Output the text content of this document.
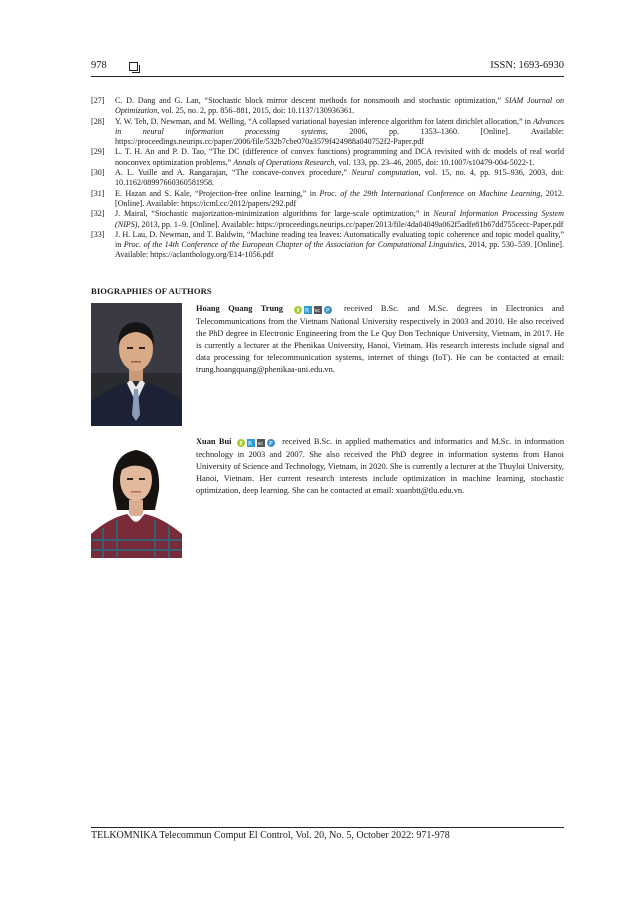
978	ISSN: 1693-6930
[27] C. D. Dang and G. Lan, “Stochastic block mirror descent methods for nonsmooth and stochastic optimization,” SIAM Journal on Optimization, vol. 25, no. 2, pp. 856–881, 2015, doi: 10.1137/130936361.
[28] Y. W. Teh, D. Newman, and M. Welling, “A collapsed variational bayesian inference algorithm for latent dirichlet allocation,” in Advances in neural information processing systems, 2006, pp. 1353–1360. [Online]. Available: https://proceedings.neurips.cc/paper/2006/file/532b7cbe070a3579f424988a040752f2-Paper.pdf
[29] L. T. H. An and P. D. Tao, “The DC (difference of convex functions) programming and DCA revisited with dc models of real world nonconvex optimization problems,” Annals of Operations Research, vol. 133, pp. 23–46, 2005, doi: 10.1007/s10479-004-5022-1.
[30] A. L. Yuille and A. Rangarajan, “The concave-convex procedure,” Neural computation, vol. 15, no. 4, pp. 915–936, 2003, doi: 10.1162/08997660360581958.
[31] E. Hazan and S. Kale, “Projection-free online learning,” in Proc. of the 29th International Conference on Machine Learning, 2012. [Online]. Available: https://icml.cc/2012/papers/292.pdf
[32] J. Mairal, “Stochastic majorization-minimization algorithms for large-scale optimization,” in Neural Information Processing System (NIPS), 2013, pp. 1–9. [Online]. Available: https://proceedings.neurips.cc/paper/2013/file/4da04049a062f5adfe81b67dd755cecc-Paper.pdf
[33] J. H. Lau, D. Newman, and T. Baldwin, “Machine reading tea leaves: Automatically evaluating topic coherence and topic model quality,” in Proc. of the 14th Conference of the European Chapter of the Association for Computational Linguistics, 2014, pp. 530–539. [Online]. Available: https://aclanthology.org/E14-1056.pdf
BIOGRAPHIES OF AUTHORS
Hoang Quang Trung	R sc P received B.Sc. and M.Sc. degrees in Electronics and Telecommunications from the Vietnam National University respectively in 2003 and 2010. He also received the PhD degree in Electronic Engineering from the Le Quy Don Technique University, Vietnam, in 2017. He is currently a lecturer at the Phenikaa University, Hanoi, Vietnam. His research interests include signal and data processing for telecommunication systems, internet of things (IoT). He can be contacted at email: trung.hoangquang@phenikaa-uni.edu.vn.
Xuan Bui	R sc P received B.Sc. in applied mathematics and informatics and M.Sc. in information technology in 2003 and 2007. She also received the PhD degree in information systems from Hanoi University of Science and Technology, Vietnam, in 2020. She is currently a lecturer at the Thuyloi University, Hanoi, Vietnam. Her current research interests include optimization in machine learning, stochastic optimization, deep learning. She can be contacted at email: xuanbtt@tlu.edu.vn.
TELKOMNIKA Telecommun Comput El Control, Vol. 20, No. 5, October 2022: 971-978
